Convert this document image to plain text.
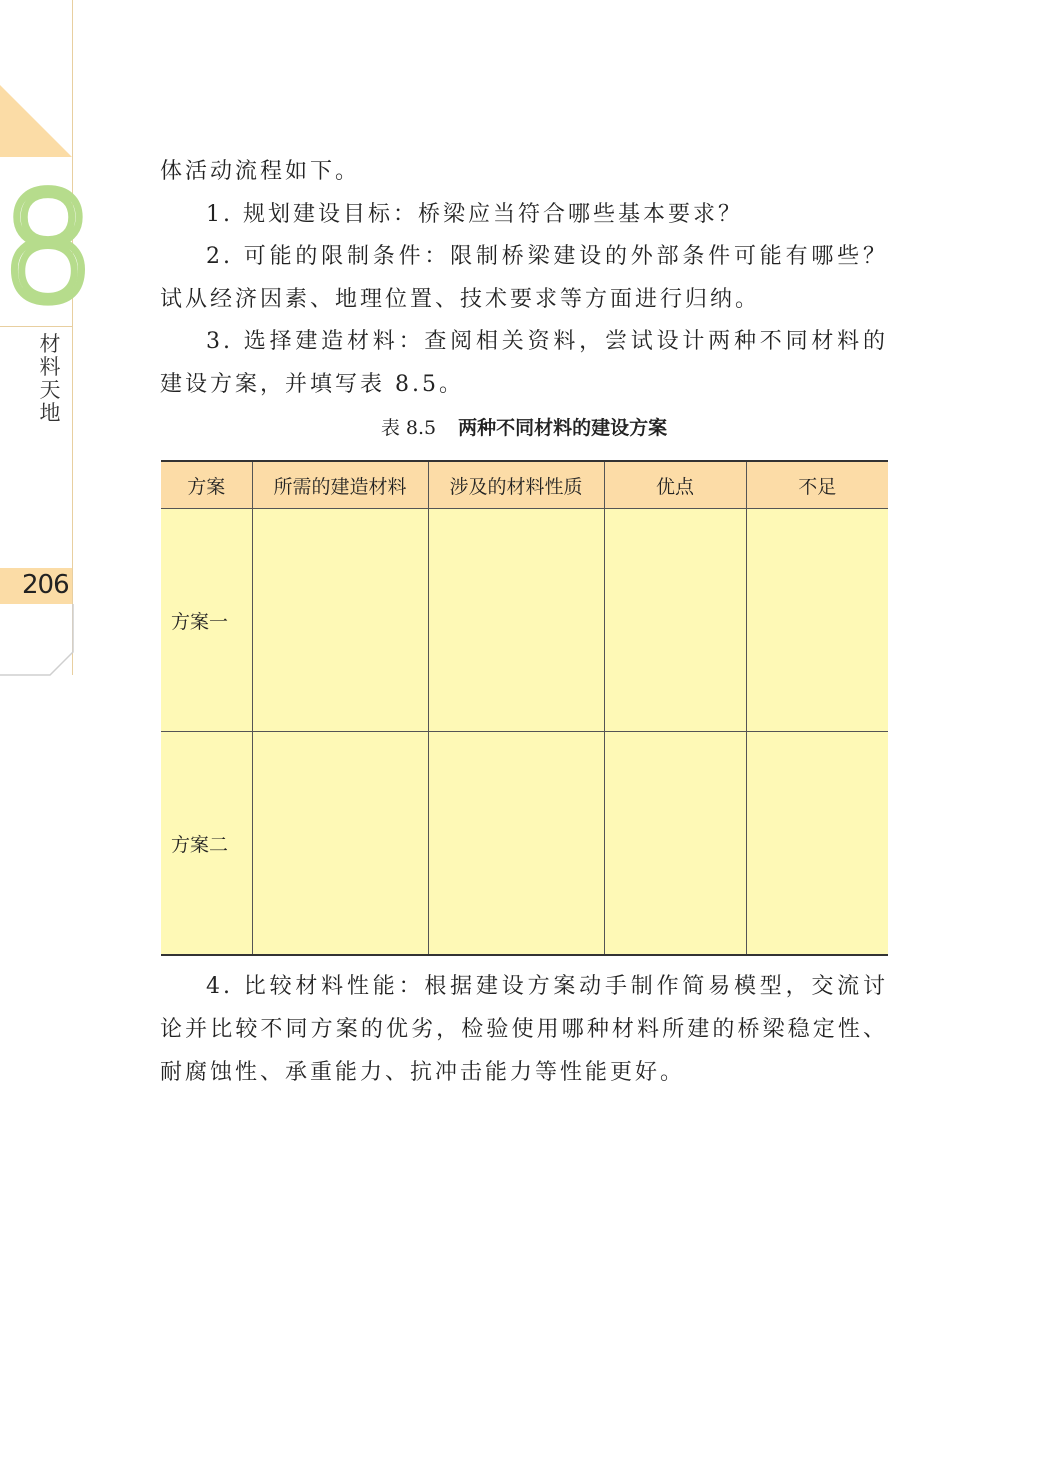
8
材
料
天
地
206

体活动流程如下。

1. 规划建设目标：桥梁应当符合哪些基本要求？

2. 可能的限制条件：限制桥梁建设的外部条件可能有哪些？试从经济因素、地理位置、技术要求等方面进行归纳。

3. 选择建造材料：查阅相关资料，尝试设计两种不同材料的建设方案，并填写表 8.5。

表 8.5 两种不同材料的建设方案
方案	所需的建造材料	涉及的材料性质	优点	不足
方案一				
方案二				

4. 比较材料性能：根据建设方案动手制作简易模型，交流讨论并比较不同方案的优劣，检验使用哪种材料所建的桥梁稳定性、耐腐蚀性、承重能力、抗冲击能力等性能更好。
